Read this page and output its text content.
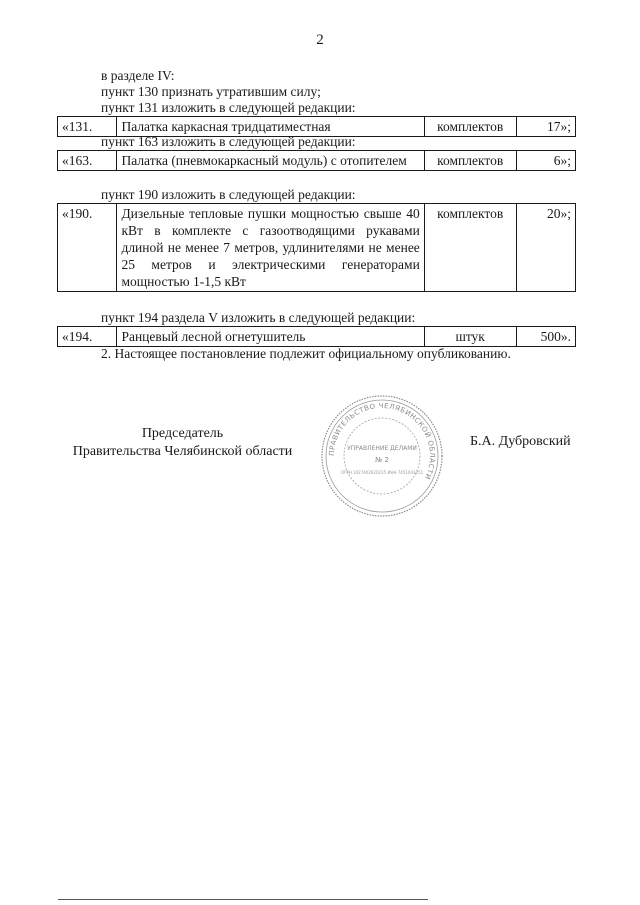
2
в разделе IV:
пункт 130 признать утратившим силу;
пункт 131 изложить в следующей редакции:
«131.	Палатка каркасная тридцатиместная	комплектов	17»;
пункт 163 изложить в следующей редакции:
«163.	Палатка (пневмокаркасный модуль) с отопителем	комплектов	6»;
пункт 190 изложить в следующей редакции:
«190.	Дизельные тепловые пушки мощностью свыше 40 кВт в комплекте с газоотводящими рукавами длиной не менее 7 метров, удлинителями не менее 25 метров и электрическими генераторами мощностью 1-1,5 кВт	комплектов	20»;
пункт 194 раздела V изложить в следующей редакции:
«194.	Ранцевый лесной огнетушитель	штук	500».
2. Настоящее постановление подлежит официальному опубликованию.
Председатель
Правительства Челябинской области	ПРАВИТЕЛЬСТВО ЧЕЛЯБИНСКОЙ ОБЛАСТИ
УПРАВЛЕНИЕ ДЕЛАМИ
№ 2
ОГРН 1027402920225 ИНН 7451043251
Б.А. Дубровский
